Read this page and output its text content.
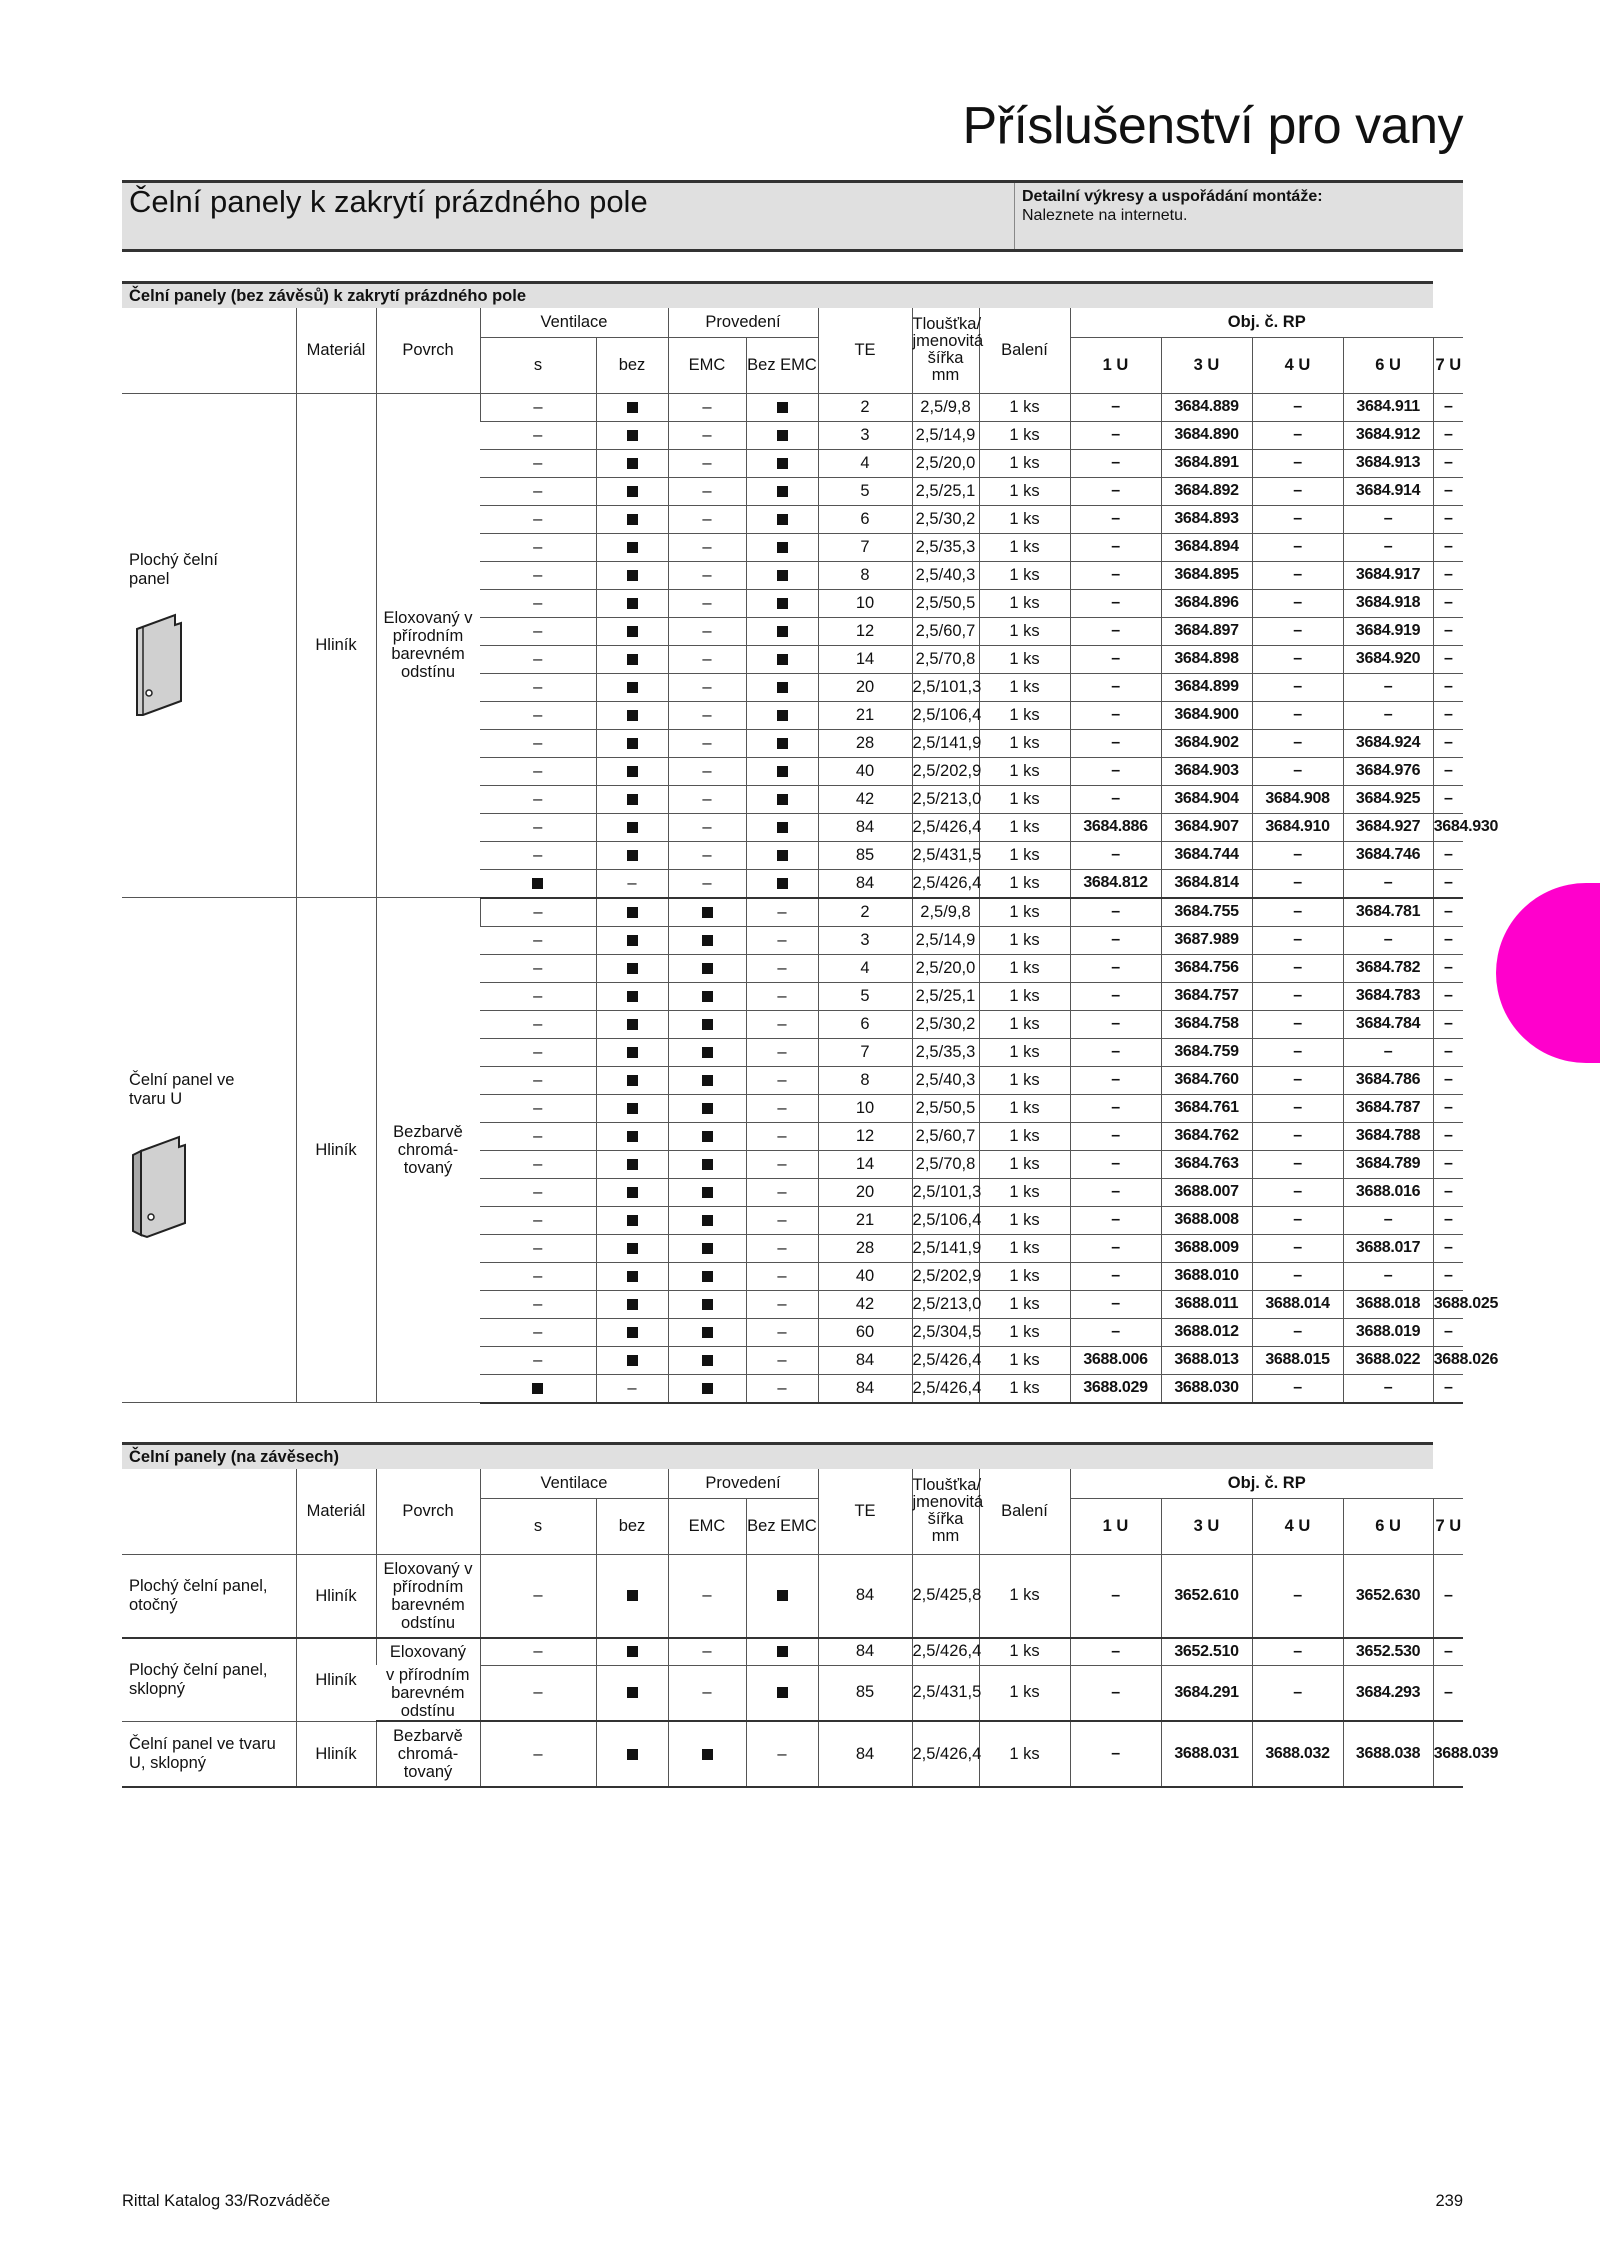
Příslušenství pro vany
Čelní panely k zakrytí prázdného pole	Detailní výkresy a uspořádání montáže:
Naleznete na internetu.
Čelní panely (bez závěsů) k zakrytí prázdného pole														
	Materiál	Povrch	Ventilace		Provedení		TE	Tloušťka/ jmenovitá šířka mm	Balení	Obj. č. RP				
			s	bez	EMC	Bez EMC				1 U	3 U	4 U	6 U	7 U

Plochý čelní panel	Hliník	Eloxovaný v přírodním barevném odstínu	–		–		2	2,5/9,8	1 ks	–	3684.889	–	3684.911	–
			–		–		3	2,5/14,9	1 ks	–	3684.890	–	3684.912	–
			–		–		4	2,5/20,0	1 ks	–	3684.891	–	3684.913	–
			–		–		5	2,5/25,1	1 ks	–	3684.892	–	3684.914	–
			–		–		6	2,5/30,2	1 ks	–	3684.893	–	–	–
			–		–		7	2,5/35,3	1 ks	–	3684.894	–	–	–
			–		–		8	2,5/40,3	1 ks	–	3684.895	–	3684.917	–
			–		–		10	2,5/50,5	1 ks	–	3684.896	–	3684.918	–
			–		–		12	2,5/60,7	1 ks	–	3684.897	–	3684.919	–
			–		–		14	2,5/70,8	1 ks	–	3684.898	–	3684.920	–
			–		–		20	2,5/101,3	1 ks	–	3684.899	–	–	–
			–		–		21	2,5/106,4	1 ks	–	3684.900	–	–	–
			–		–		28	2,5/141,9	1 ks	–	3684.902	–	3684.924	–
			–		–		40	2,5/202,9	1 ks	–	3684.903	–	3684.976	–
			–		–		42	2,5/213,0	1 ks	–	3684.904	3684.908	3684.925	–
			–		–		84	2,5/426,4	1 ks	3684.886	3684.907	3684.910	3684.927	3684.930
			–		–		85	2,5/431,5	1 ks	–	3684.744	–	3684.746	–
				–	–		84	2,5/426,4	1 ks	3684.812	3684.814	–	–	–

Čelní panel ve tvaru U	Hliník	Bezbarvě chromá-tovaný	–			–	2	2,5/9,8	1 ks	–	3684.755	–	3684.781	–
			–			–	3	2,5/14,9	1 ks	–	3687.989	–	–	–
			–			–	4	2,5/20,0	1 ks	–	3684.756	–	3684.782	–
			–			–	5	2,5/25,1	1 ks	–	3684.757	–	3684.783	–
			–			–	6	2,5/30,2	1 ks	–	3684.758	–	3684.784	–
			–			–	7	2,5/35,3	1 ks	–	3684.759	–	–	–
			–			–	8	2,5/40,3	1 ks	–	3684.760	–	3684.786	–
			–			–	10	2,5/50,5	1 ks	–	3684.761	–	3684.787	–
			–			–	12	2,5/60,7	1 ks	–	3684.762	–	3684.788	–
			–			–	14	2,5/70,8	1 ks	–	3684.763	–	3684.789	–
			–			–	20	2,5/101,3	1 ks	–	3688.007	–	3688.016	–
			–			–	21	2,5/106,4	1 ks	–	3688.008	–	–	–
			–			–	28	2,5/141,9	1 ks	–	3688.009	–	3688.017	–
			–			–	40	2,5/202,9	1 ks	–	3688.010	–	–	–
			–			–	42	2,5/213,0	1 ks	–	3688.011	3688.014	3688.018	3688.025
			–			–	60	2,5/304,5	1 ks	–	3688.012	–	3688.019	–
			–			–	84	2,5/426,4	1 ks	3688.006	3688.013	3688.015	3688.022	3688.026
				–		–	84	2,5/426,4	1 ks	3688.029	3688.030	–	–	–
Čelní panely (na závěsech)														
	Materiál	Povrch	Ventilace		Provedení		TE	Tloušťka/ jmenovitá šířka mm	Balení	Obj. č. RP				
			s	bez	EMC	Bez EMC				1 U	3 U	4 U	6 U	7 U
Plochý čelní panel, otočný	Hliník	Eloxovaný v přírodním barevném odstínu	–		–		84	2,5/425,8	1 ks	–	3652.610	–	3652.630	–
Plochý čelní panel, sklopný	Hliník	Eloxovaný	–		–		84	2,5/426,4	1 ks	–	3652.510	–	3652.530	–
		v přírodním barevném odstínu	–		–		85	2,5/431,5	1 ks	–	3684.291	–	3684.293	–
Čelní panel ve tvaru U, sklopný	Hliník	Bezbarvě chromá-tovaný	–			–	84	2,5/426,4	1 ks	–	3688.031	3688.032	3688.038	3688.039
Rittal Katalog 33/Rozváděče	239
